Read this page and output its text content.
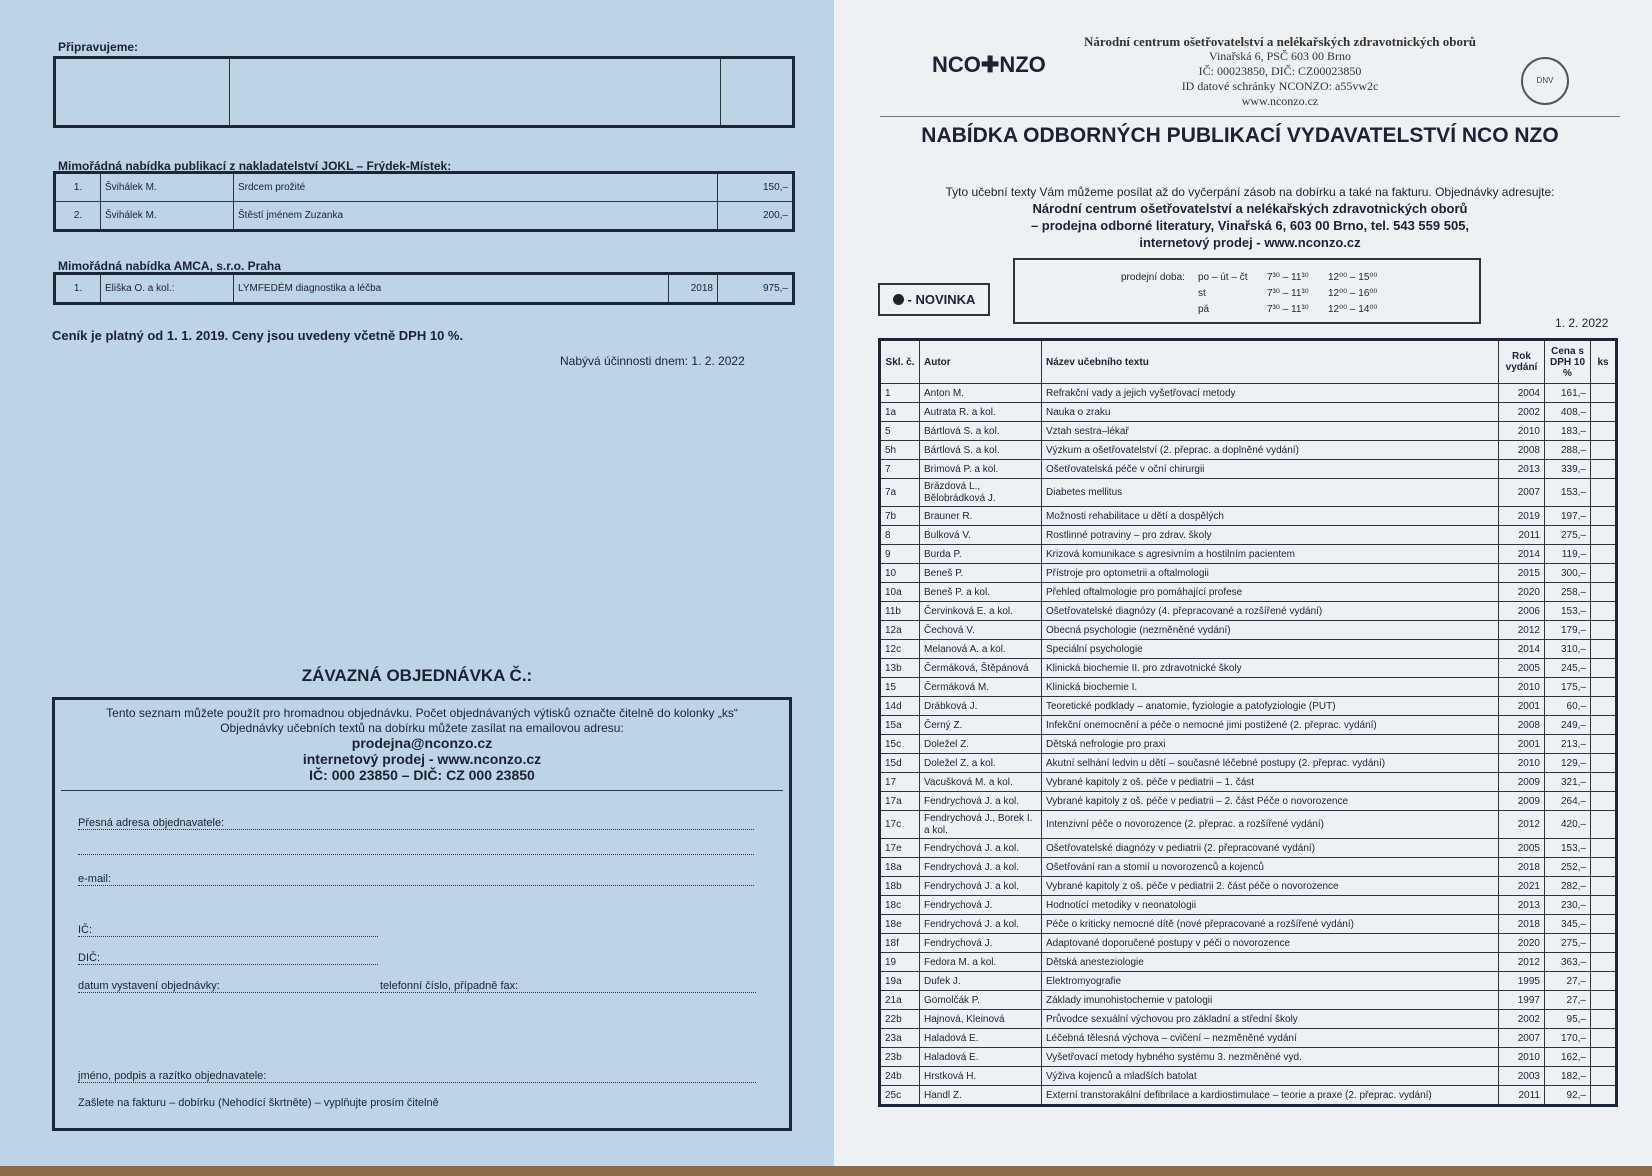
Připravujeme:
Mimořádná nabídka publikací z nakladatelství JOKL – Frýdek-Místek:
1.	Švihálek M.	Srdcem prožité	150,–
2.	Švihálek M.	Štěstí jménem Zuzanka	200,–
Mimořádná nabídka AMCA, s.r.o. Praha
1.	Eliška O. a kol.:	LYMFEDÉM diagnostika a léčba	2018	975,–
Ceník je platný od 1. 1. 2019. Ceny jsou uvedeny včetně DPH 10 %.
Nabývá účinnosti dnem: 1. 2. 2022
ZÁVAZNÁ OBJEDNÁVKA Č.:
Tento seznam můžete použít pro hromadnou objednávku. Počet objednávaných výtisků označte čitelně do kolonky „ks“
Objednávky učebních textů na dobírku můžete zasílat na emailovou adresu:
prodejna@nconzo.cz
internetový prodej - www.nconzo.cz
IČ: 000 23850 – DIČ: CZ 000 23850
Přesná adresa objednavatele:
e-mail:
IČ:
DIČ:
datum vystavení objednávky:	telefonní číslo, případně fax:
jméno, podpis a razítko objednavatele:
Zašlete na fakturu – dobírku (Nehodící škrtněte) – vyplňujte prosím čitelně
NCO✚NZO
Národní centrum ošetřovatelství a nelékařských zdravotnických oborů
Vinařská 6, PSČ 603 00 Brno
IČ: 00023850, DIČ: CZ00023850
ID datové schránky NCONZO: a55vw2c
www.nconzo.cz
DNV
NABÍDKA ODBORNÝCH PUBLIKACÍ VYDAVATELSTVÍ NCO NZO
Tyto učební texty Vám můžeme posílat až do vyčerpání zásob na dobírku a také na fakturu. Objednávky adresujte:
Národní centrum ošetřovatelství a nelékařských zdravotnických oborů
– prodejna odborné literatury, Vinařská 6, 603 00 Brno, tel. 543 559 505,
internetový prodej - www.nconzo.cz
prodejní doba: po – út – čt 7³⁰ – 11³⁰ 12⁰⁰ – 15⁰⁰
st	7³⁰ – 11³⁰ 12⁰⁰ – 16⁰⁰
pá	7³⁰ – 11³⁰ 12⁰⁰ – 14⁰⁰
- NOVINKA
1. 2. 2022
Skl. č.	Autor	Název učebního textu	Rok vydání	Cena s DPH 10 %	ks
1	Anton M.	Refrakční vady a jejich vyšetřovací metody	2004	161,–	
1a	Autrata R. a kol.	Nauka o zraku	2002	408,–	
5	Bártlová S. a kol.	Vztah sestra–lékař	2010	183,–	
5h	Bártlová S. a kol.	Výzkum a ošetřovatelství (2. přeprac. a doplněné vydání)	2008	288,–	
7	Brimová P. a kol.	Ošetřovatelská péče v oční chirurgii	2013	339,–	
7a	Brázdová L., Bělobrádková J.	Diabetes mellitus	2007	153,–	
7b	Brauner R.	Možnosti rehabilitace u dětí a dospělých	2019	197,–	
8	Bulková V.	Rostlinné potraviny – pro zdrav. školy	2011	275,–	
9	Burda P.	Krizová komunikace s agresivním a hostilním pacientem	2014	119,–	
10	Beneš P.	Přístroje pro optometrii a oftalmologii	2015	300,–	
10a	Beneš P. a kol.	Přehled oftalmologie pro pomáhající profese	2020	258,–	
11b	Červinková E. a kol.	Ošetřovatelské diagnózy (4. přepracované a rozšířené vydání)	2006	153,–	
12a	Čechová V.	Obecná psychologie (nezměněné vydání)	2012	179,–	
12c	Melanová A. a kol.	Speciální psychologie	2014	310,–	
13b	Čermáková, Štěpánová	Klinická biochemie II. pro zdravotnické školy	2005	245,–	
15	Čermáková M.	Klinická biochemie I.	2010	175,–	
14d	Drábková J.	Teoretické podklady – anatomie, fyziologie a patofyziologie (PUT)	2001	60,–	
15a	Černý Z.	Infekční onemocnění a péče o nemocné jimi postižené (2. přeprac. vydání)	2008	249,–	
15c	Doležel Z.	Dětská nefrologie pro praxi	2001	213,–	
15d	Doležel Z. a kol.	Akutní selhání ledvin u dětí – současné léčebné postupy (2. přeprac. vydání)	2010	129,–	
17	Vacušková M. a kol.	Vybrané kapitoly z oš. péče v pediatrii – 1. část	2009	321,–	
17a	Fendrychová J. a kol.	Vybrané kapitoly z oš. péče v pediatrii – 2. část Péče o novorozence	2009	264,–	
17c	Fendrychová J., Borek I. a kol.	Intenzivní péče o novorozence (2. přeprac. a rozšířené vydání)	2012	420,–	
17e	Fendrychová J. a kol.	Ošetřovatelské diagnózy v pediatrii (2. přepracované vydání)	2005	153,–	
18a	Fendrychová J. a kol.	Ošetřování ran a stomií u novorozenců a kojenců	2018	252,–	
18b	Fendrychová J. a kol.	Vybrané kapitoly z oš. péče v pediatrii 2. část péče o novorozence	2021	282,–	
18c	Fendrychová J.	Hodnotící metodiky v neonatologii	2013	230,–	
18e	Fendrychová J. a kol.	Péče o kriticky nemocné dítě (nové přepracované a rozšířené vydání)	2018	345,–	
18f	Fendrychová J.	Adaptované doporučené postupy v péči o novorozence	2020	275,–	
19	Fedora M. a kol.	Dětská anesteziologie	2012	363,–	
19a	Dufek J.	Elektromyografie	1995	27,–	
21a	Gomolčák P.	Základy imunohistochemie v patologii	1997	27,–	
22b	Hajnová, Kleinová	Průvodce sexuální výchovou pro základní a střední školy	2002	95,–	
23a	Haladová E.	Léčebná tělesná výchova – cvičení – nezměněné vydání	2007	170,–	
23b	Haladová E.	Vyšetřovací metody hybného systému 3. nezměněné vyd.	2010	162,–	
24b	Hrstková H.	Výživa kojenců a mladších batolat	2003	182,–	
25c	Handl Z.	Externí transtorakální defibrilace a kardiostimulace – teorie a praxe (2. přeprac. vydání)	2011	92,–	
